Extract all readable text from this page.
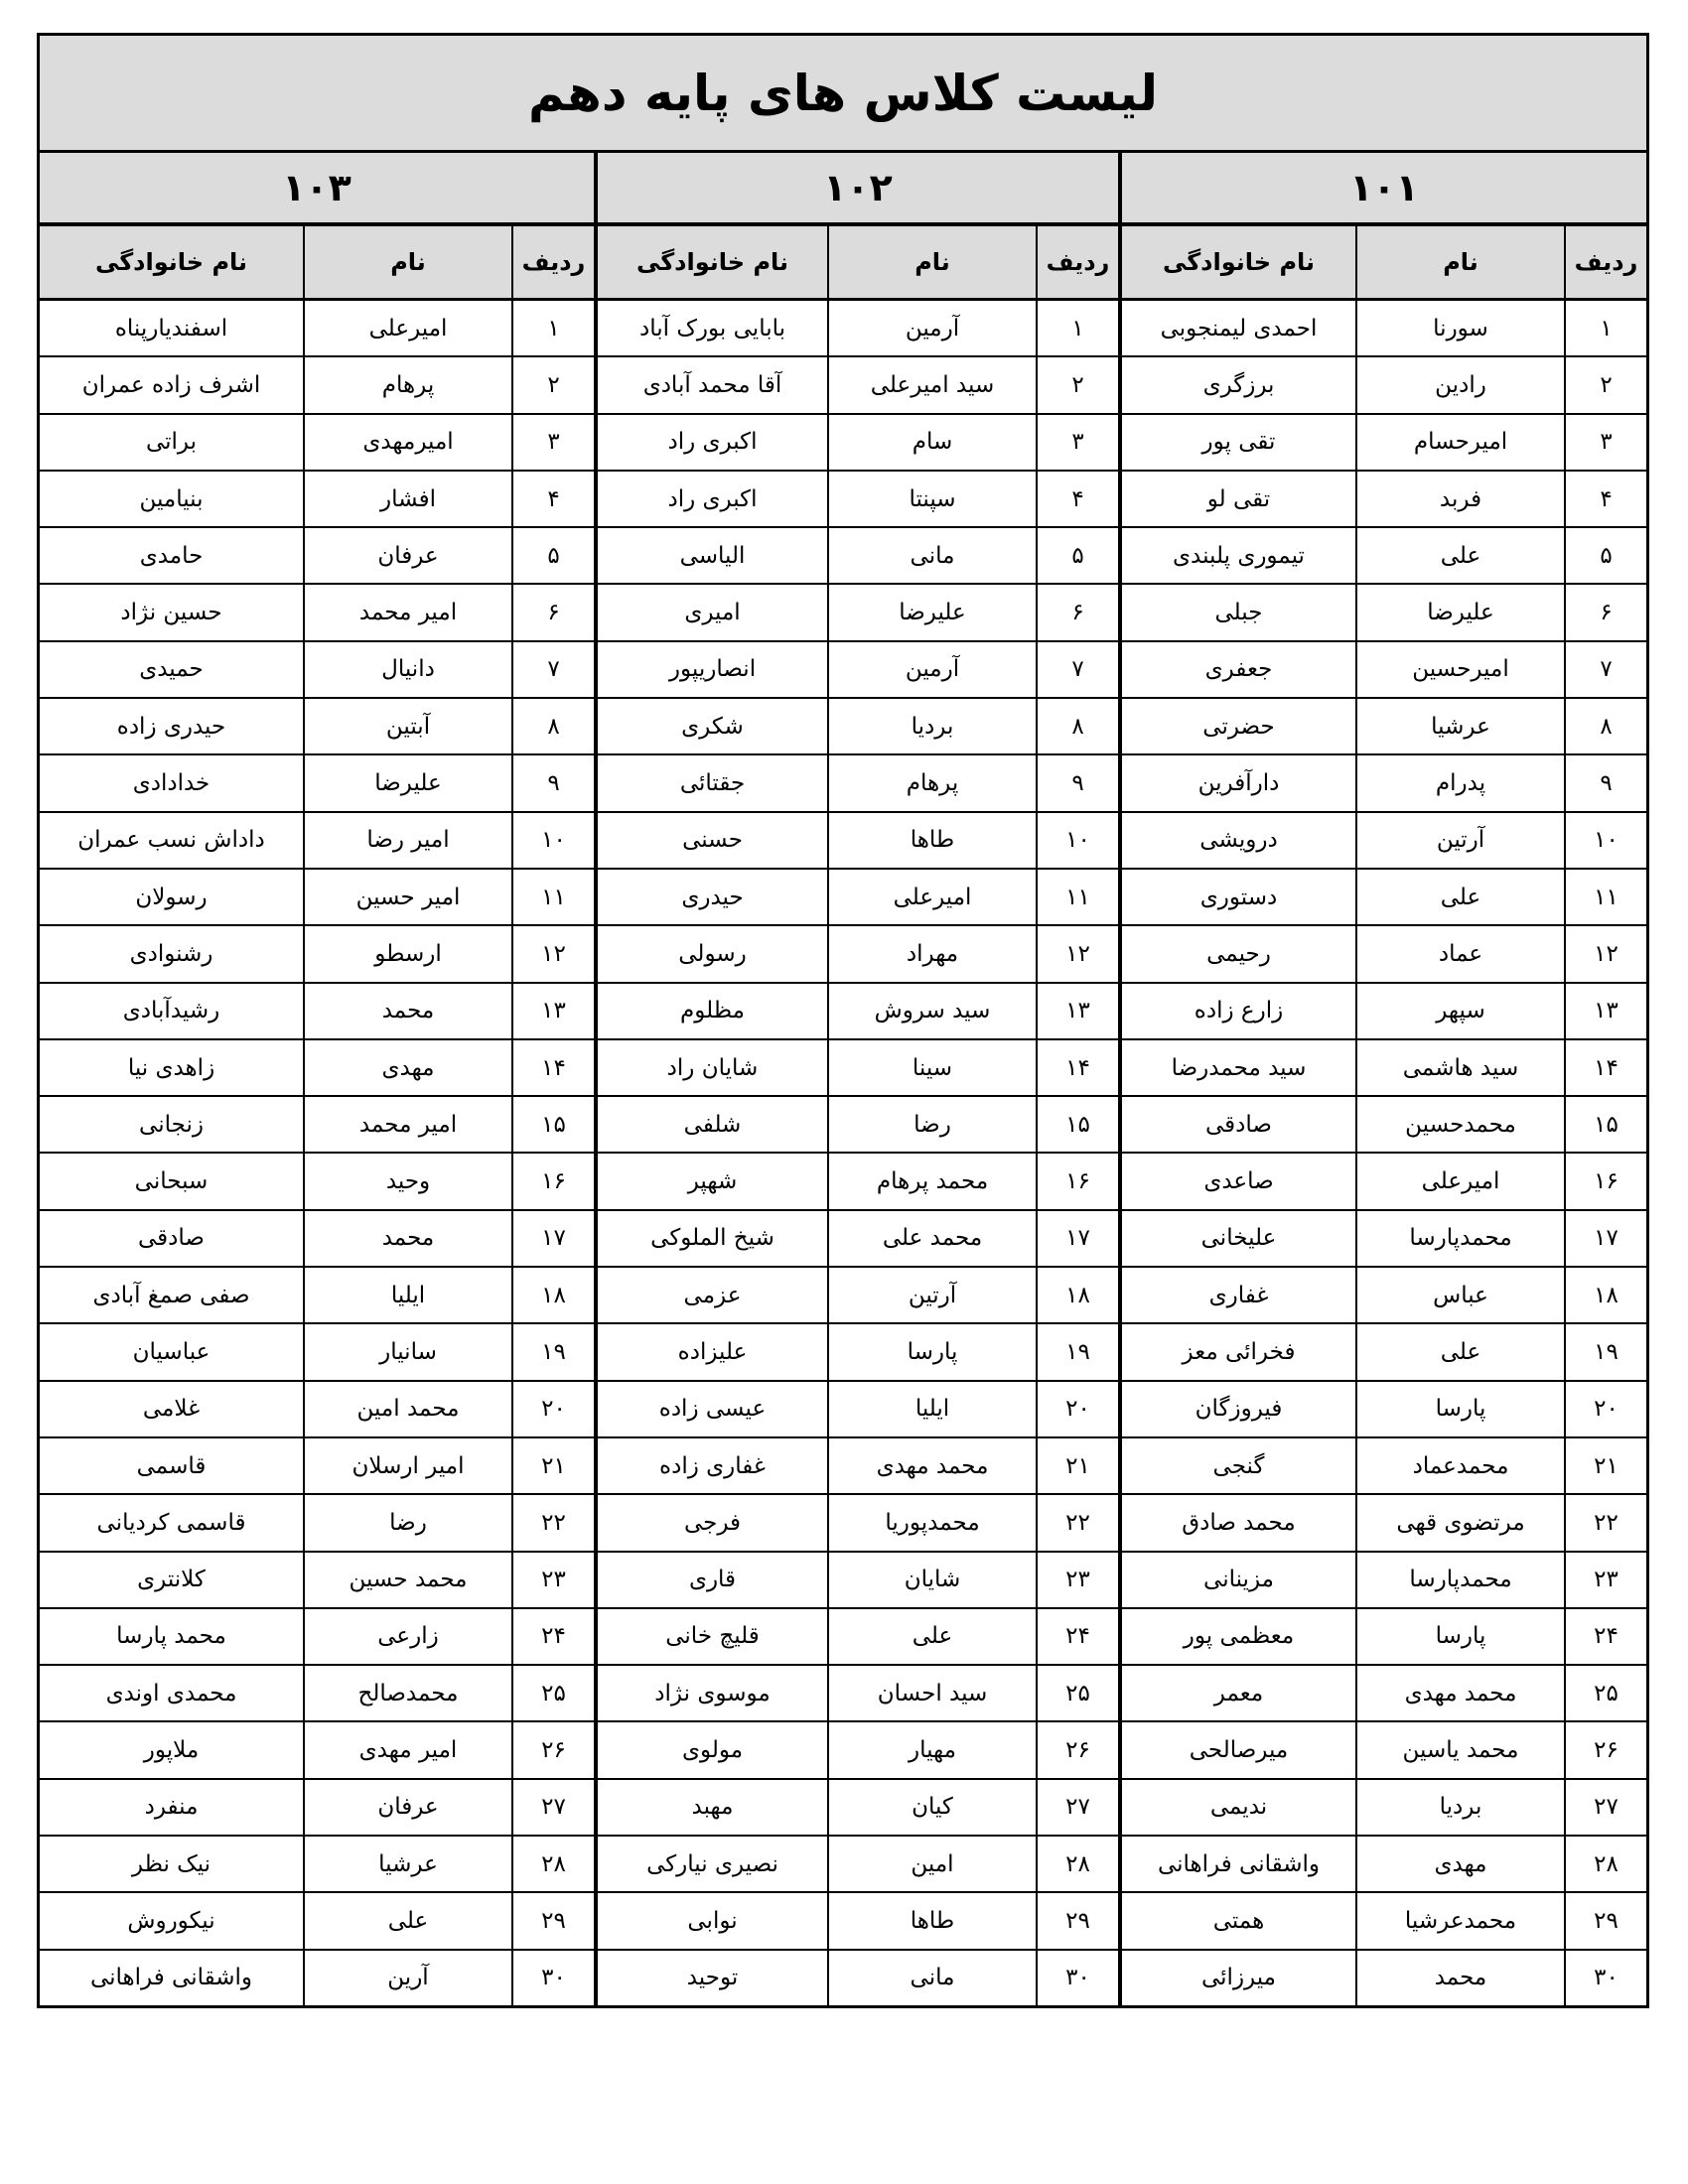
لیست کلاس های پایه دهم
۱۰۱
ردیف	نام	نام خانوادگی
۱	سورنا	احمدی لیمنجوبی
۲	رادین	برزگری
۳	امیرحسام	تقی پور
۴	فربد	تقی لو
۵	علی	تیموری پلبندی
۶	علیرضا	جبلی
۷	امیرحسین	جعفری
۸	عرشیا	حضرتی
۹	پدرام	دارآفرین
۱۰	آرتین	درویشی
۱۱	علی	دستوری
۱۲	عماد	رحیمی
۱۳	سپهر	زارع زاده
۱۴	سید هاشمی	سید محمدرضا
۱۵	محمدحسین	صادقی
۱۶	امیرعلی	صاعدی
۱۷	محمدپارسا	علیخانی
۱۸	عباس	غفاری
۱۹	علی	فخرائی معز
۲۰	پارسا	فیروزگان
۲۱	محمدعماد	گنجی
۲۲	مرتضوی قهی	محمد صادق
۲۳	محمدپارسا	مزینانی
۲۴	پارسا	معظمی پور
۲۵	محمد مهدی	معمر
۲۶	محمد یاسین	میرصالحی
۲۷	بردیا	ندیمی
۲۸	مهدی	واشقانی فراهانی
۲۹	محمدعرشیا	همتی
۳۰	محمد	میرزائی
۱۰۲
ردیف	نام	نام خانوادگی
۱	آرمین	بابایی بورک آباد
۲	سید امیرعلی	آقا محمد آبادی
۳	سام	اکبری راد
۴	سپنتا	اکبری راد
۵	مانی	الیاسی
۶	علیرضا	امیری
۷	آرمین	انصاریپور
۸	بردیا	شکری
۹	پرهام	جقتائی
۱۰	طاها	حسنی
۱۱	امیرعلی	حیدری
۱۲	مهراد	رسولی
۱۳	سید سروش	مظلوم
۱۴	سینا	شایان راد
۱۵	رضا	شلفی
۱۶	محمد پرهام	شهپر
۱۷	محمد علی	شیخ الملوکی
۱۸	آرتین	عزمی
۱۹	پارسا	علیزاده
۲۰	ایلیا	عیسی زاده
۲۱	محمد مهدی	غفاری زاده
۲۲	محمدپوریا	فرجی
۲۳	شایان	قاری
۲۴	علی	قلیچ خانی
۲۵	سید احسان	موسوی نژاد
۲۶	مهیار	مولوی
۲۷	کیان	مهبد
۲۸	امین	نصیری نیارکی
۲۹	طاها	نوابی
۳۰	مانی	توحید
۱۰۳
ردیف	نام	نام خانوادگی
۱	امیرعلی	اسفندیارپناه
۲	پرهام	اشرف زاده عمران
۳	امیرمهدی	براتی
۴	افشار	بنیامین
۵	عرفان	حامدی
۶	امیر محمد	حسین نژاد
۷	دانیال	حمیدی
۸	آبتین	حیدری زاده
۹	علیرضا	خدادادی
۱۰	امیر رضا	داداش نسب عمران
۱۱	امیر حسین	رسولان
۱۲	ارسطو	رشنوادی
۱۳	محمد	رشیدآبادی
۱۴	مهدی	زاهدی نیا
۱۵	امیر محمد	زنجانی
۱۶	وحید	سبحانی
۱۷	محمد	صادقی
۱۸	ایلیا	صفی صمغ آبادی
۱۹	سانیار	عباسیان
۲۰	محمد امین	غلامی
۲۱	امیر ارسلان	قاسمی
۲۲	رضا	قاسمی کردیانی
۲۳	محمد حسین	کلانتری
۲۴	زارعی	محمد پارسا
۲۵	محمدصالح	محمدی اوندی
۲۶	امیر مهدی	ملاپور
۲۷	عرفان	منفرد
۲۸	عرشیا	نیک نظر
۲۹	علی	نیکوروش
۳۰	آرین	واشقانی فراهانی
